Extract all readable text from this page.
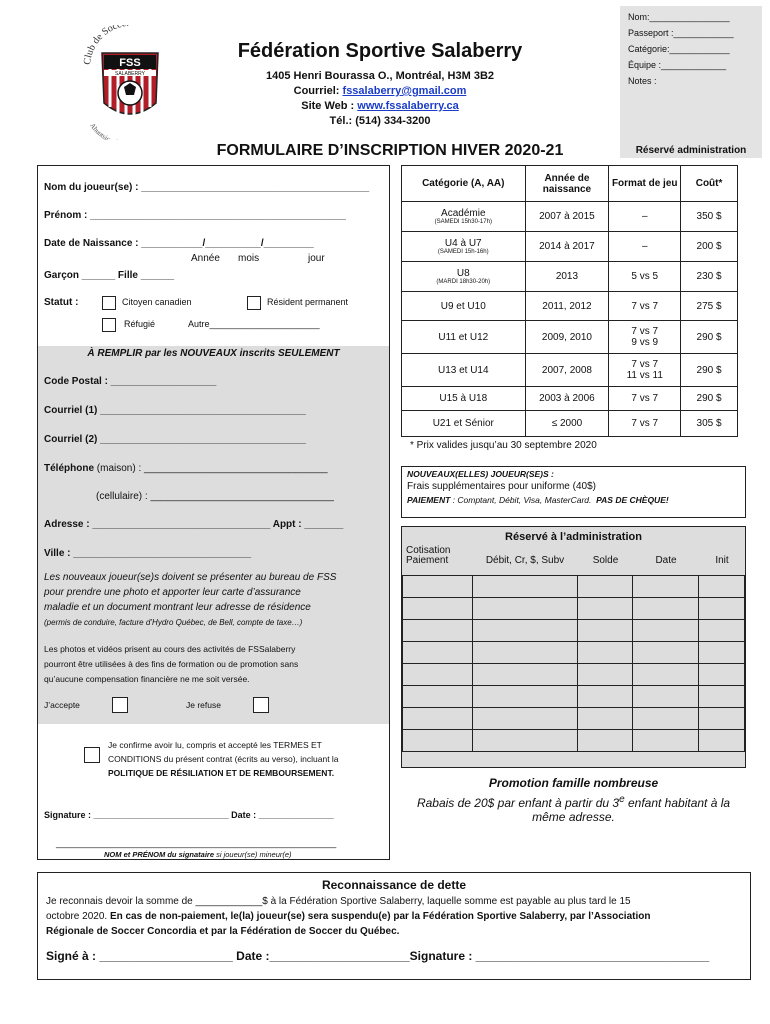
Club de Soc
FSS
SALABERRY
Ahuntsic
Fédération Sportive Salaberry
1405 Henri Bourassa O., Montréal, H3M 3B2
Courriel: fssalaberry@gmail.com
Site Web : www.fssalaberry.ca
Tél.: (514) 334-3200
FORMULAIRE D’INSCRIPTION HIVER 2020-21
Nom:________________
Passeport :____________
Catégorie:____________
Équipe :_____________
Notes :
Réservé administration
Nom du joueur(se) : _________________________________________
Prénom : ______________________________________________
Date de Naissance : ___________/__________/_________
Année mois	jour
Garçon ______ Fille ______
Statut :	Citoyen canadien	Résident permanent
Réfugié	Autre______________________
À REMPLIR par les NOUVEAUX inscrits SEULEMENT
Code Postal : ___________________
Courriel (1) _____________________________________
Courriel (2) _____________________________________
Téléphone (maison) : _________________________________
(cellulaire) : _________________________________
Adresse : ________________________________ Appt : _______
Ville : ________________________________
Les nouveaux joueur(se)s doivent se présenter au bureau de FSS
pour prendre une photo et apporter leur carte d’assurance
maladie et un document montrant leur adresse de résidence
(permis de conduire, facture d’Hydro Québec, de Bell, compte de taxe…)
Les photos et vidéos prisent au cours des activités de FSSalaberry
pourront être utilisées à des fins de formation ou de promotion sans
qu’aucune compensation financière ne me soit versée.
J’accepte	Je refuse
Je confirme avoir lu, compris et accepté les TERMES ET
CONDITIONS du présent contrat (écrits au verso), incluant la
POLITIQUE DE RÉSILIATION ET DE REMBOURSEMENT.
Signature : ___________________________ Date : _______________
________________________________________________________
NOM et PRÉNOM du signataire si joueur(se) mineur(e)
Catégorie (A, AA)	Année de naissance	Format de jeu	Coût*
Académie
(SAMEDI 15h30-17h)	2007 à 2015	–	350 $
U4 à U7
(SAMEDI 15h-16h)	2014 à 2017	–	200 $
U8
(MARDI 18h30-20h)	2013	5 vs 5	230 $
U9 et U10	2011, 2012	7 vs 7	275 $
U11 et U12	2009, 2010	7 vs 7
9 vs 9	290 $
U13 et U14	2007, 2008	7 vs 7
11 vs 11	290 $
U15 à U18	2003 à 2006	7 vs 7	290 $
U21 et Sénior	≤ 2000	7 vs 7	305 $
* Prix valides jusqu’au 30 septembre 2020
NOUVEAUX(ELLES) JOUEUR(SE)S :
Frais supplémentaires pour uniforme (40$)
PAIEMENT : Comptant, Débit, Visa, MasterCard. PAS DE CHÈQUE!
Réservé à l’administration
Cotisation
Paiement	Débit, Cr, $, Subv	Solde	Date	Init

Promotion famille nombreuse
Rabais de 20$ par enfant à partir du 3e enfant habitant à la
même adresse.
Reconnaissance de dette
Je reconnais devoir la somme de ____________$ à la Fédération Sportive Salaberry, laquelle somme est payable au plus tard le 15
octobre 2020. En cas de non-paiement, le(la) joueur(se) sera suspendu(e) par la Fédération Sportive Salaberry, par l’Association
Régionale de Soccer Concordia et par la Fédération de Soccer du Québec.
Signé à : ____________________ Date :_____________________Signature : ___________________________________
